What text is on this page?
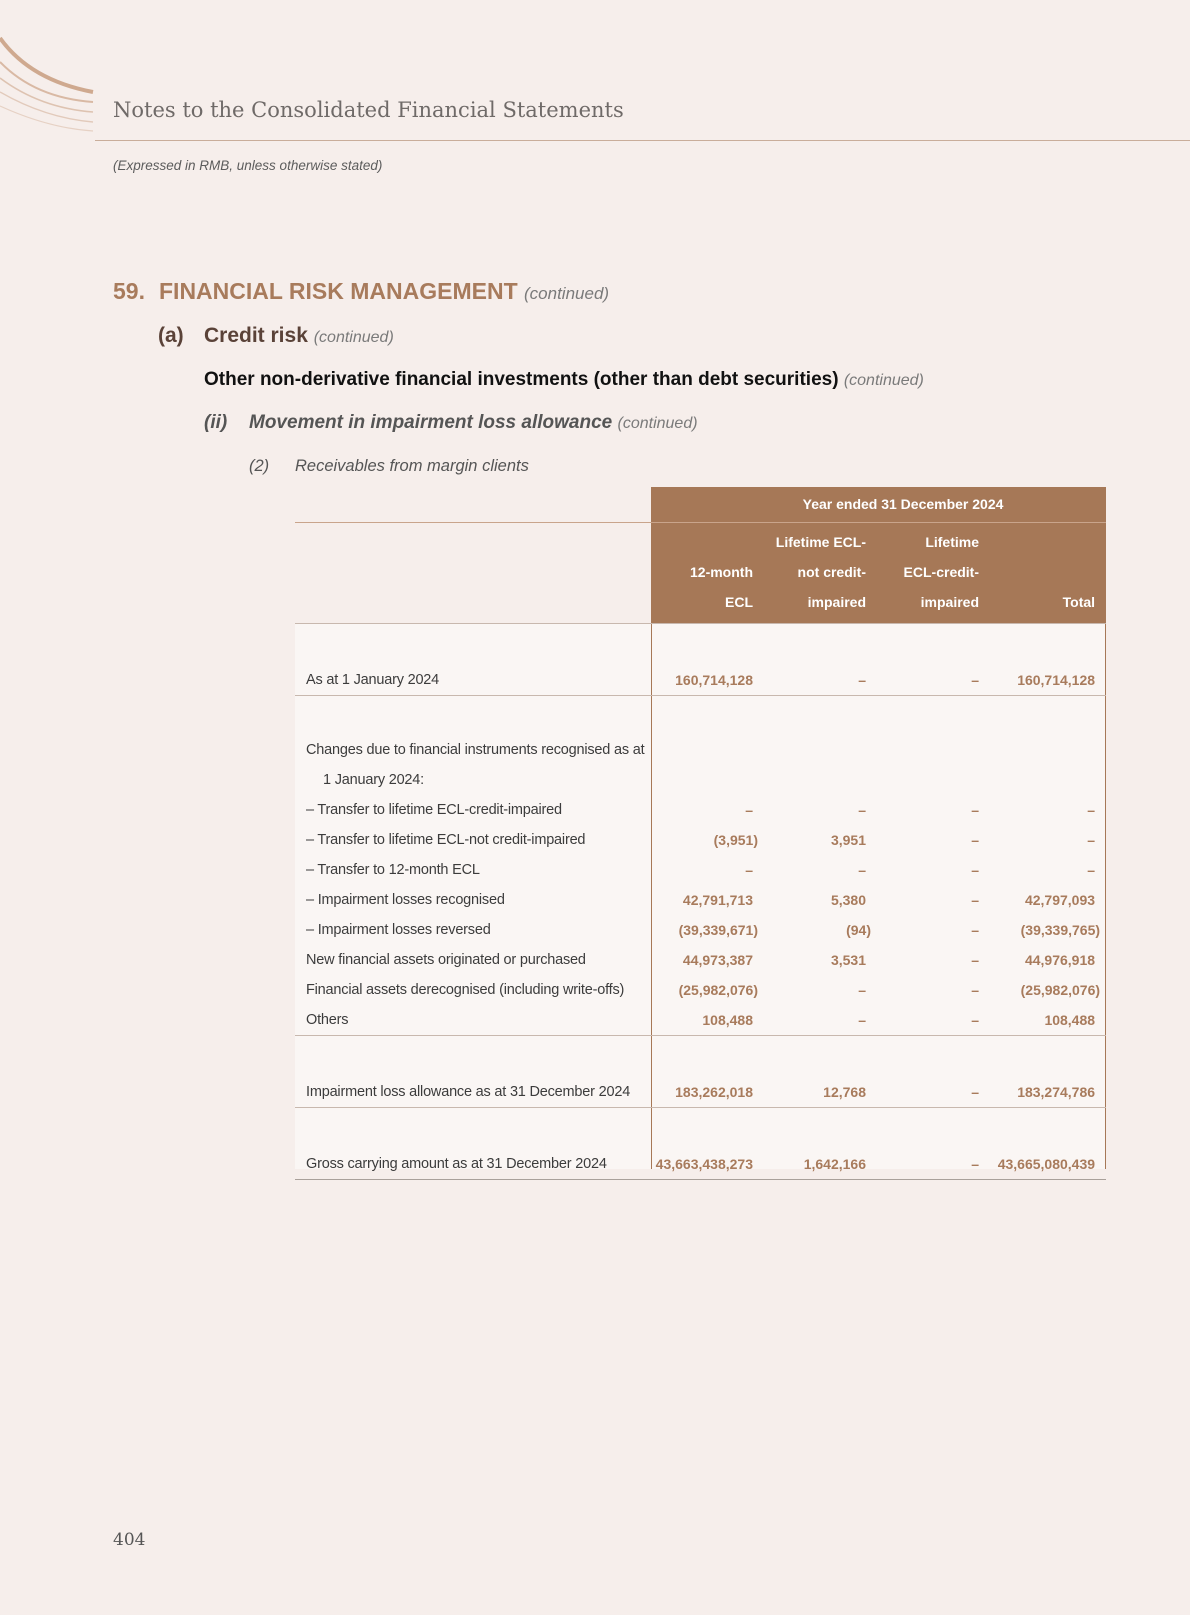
Notes to the Consolidated Financial Statements
(Expressed in RMB, unless otherwise stated)
59. FINANCIAL RISK MANAGEMENT (continued)
(a) Credit risk (continued)
Other non-derivative financial investments (other than debt securities) (continued)
(ii) Movement in impairment loss allowance (continued)
(2) Receivables from margin clients
	Year ended 31 December 2024			
	12-month ECL	Lifetime ECL-
not credit-
impaired	Lifetime
ECL-credit-
impaired	Total

As at 1 January 2024	160,714,128	–	–	160,714,128

Changes due to financial instruments recognised as at				
1 January 2024:				
– Transfer to lifetime ECL-credit-impaired	–	–	–	–
– Transfer to lifetime ECL-not credit-impaired	(3,951)	3,951	–	–
– Transfer to 12-month ECL	–	–	–	–
– Impairment losses recognised	42,791,713	5,380	–	42,797,093
– Impairment losses reversed	(39,339,671)	(94)	–	(39,339,765)
New financial assets originated or purchased	44,973,387	3,531	–	44,976,918
Financial assets derecognised (including write-offs)	(25,982,076)	–	–	(25,982,076)
Others	108,488	–	–	108,488

Impairment loss allowance as at 31 December 2024	183,262,018	12,768	–	183,274,786

Gross carrying amount as at 31 December 2024	43,663,438,273	1,642,166	–	43,665,080,439
404
